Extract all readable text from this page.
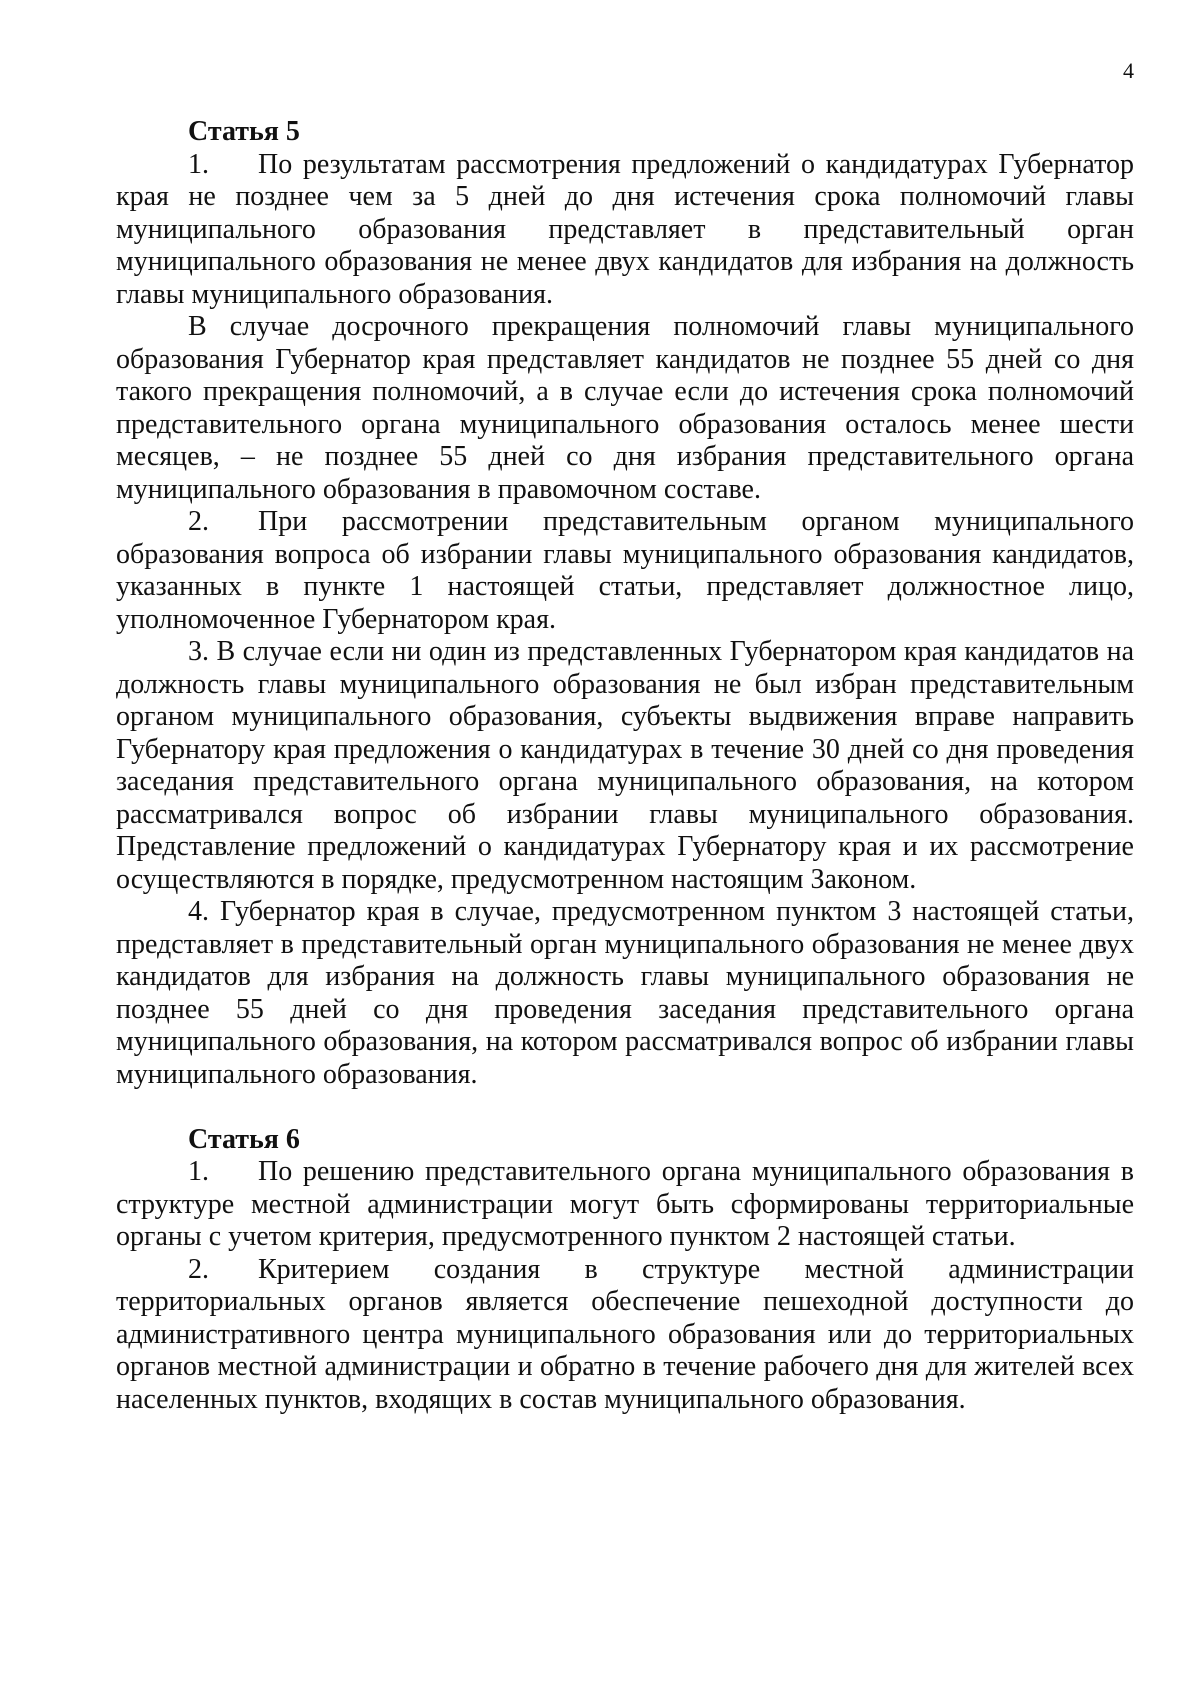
4

Статья 5

1. По результатам рассмотрения предложений о кандидатурах Губернатор края не позднее чем за 5 дней до дня истечения срока полномочий главы муниципального образования представляет в представительный орган муниципального образования не менее двух кандидатов для избрания на должность главы муниципального образования.

В случае досрочного прекращения полномочий главы муниципального образования Губернатор края представляет кандидатов не позднее 55 дней со дня такого прекращения полномочий, а в случае если до истечения срока полномочий представительного органа муниципального образования осталось менее шести месяцев, – не позднее 55 дней со дня избрания представительного органа муниципального образования в правомочном составе.

2. При рассмотрении представительным органом муниципального образования вопроса об избрании главы муниципального образования кандидатов, указанных в пункте 1 настоящей статьи, представляет должностное лицо, уполномоченное Губернатором края.

3. В случае если ни один из представленных Губернатором края кандидатов на должность главы муниципального образования не был избран представительным органом муниципального образования, субъекты выдвижения вправе направить Губернатору края предложения о кандидатурах в течение 30 дней со дня проведения заседания представительного органа муниципального образования, на котором рассматривался вопрос об избрании главы муниципального образования. Представление предложений о кандидатурах Губернатору края и их рассмотрение осуществляются в порядке, предусмотренном настоящим Законом.

4. Губернатор края в случае, предусмотренном пунктом 3 настоящей статьи, представляет в представительный орган муниципального образования не менее двух кандидатов для избрания на должность главы муниципального образования не позднее 55 дней со дня проведения заседания представительного органа муниципального образования, на котором рассматривался вопрос об избрании главы муниципального образования.

Статья 6

1. По решению представительного органа муниципального образования в структуре местной администрации могут быть сформированы территориальные органы с учетом критерия, предусмотренного пунктом 2 настоящей статьи.

2. Критерием создания в структуре местной администрации территориальных органов является обеспечение пешеходной доступности до административного центра муниципального образования или до территориальных органов местной администрации и обратно в течение рабочего дня для жителей всех населенных пунктов, входящих в состав муниципального образования.
